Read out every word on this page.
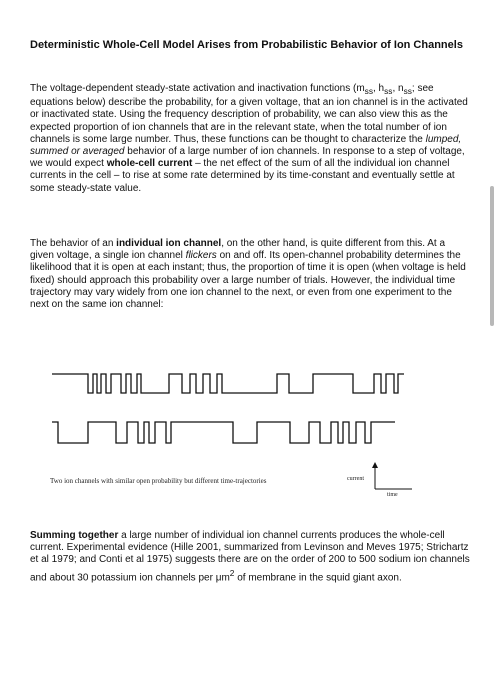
Deterministic Whole-Cell Model Arises from Probabilistic Behavior of Ion Channels

The voltage-dependent steady-state activation and inactivation functions ($m_{ss}$, $h_{ss}$, $n_{ss}$; see equations below) describe the probability, for a given voltage, that an ion channel is in the activated or inactivated state. Using the frequency description of probability, we can also view this as the expected proportion of ion channels that are in the relevant state, when the total number of ion channels is some large number. Thus, these functions can be thought to characterize the lumped, summed or averaged behavior of a large number of ion channels. In response to a step of voltage, we would expect whole-cell current – the net effect of the sum of all the individual ion channel currents in the cell – to rise at some rate determined by its time-constant and eventually settle at some steady-state value.

The behavior of an individual ion channel, on the other hand, is quite different from this. At a given voltage, a single ion channel flickers on and off. Its open-channel probability determines the likelihood that it is open at each instant; thus, the proportion of time it is open (when voltage is held fixed) should approach this probability over a large number of trials. However, the individual time trajectory may vary widely from one ion channel to the next, or even from one experiment to the next on the same ion channel:

Two ion channels with similar open probability but different time-trajectories	current
time

Summing together a large number of individual ion channel currents produces the whole-cell current. Experimental evidence (Hille 2001, summarized from Levinson and Meves 1975; Strichartz et al 1979; and Conti et al 1975) suggests there are on the order of 200 to 500 sodium ion channels and about 30 potassium ion channels per $\mu m^2$ of membrane in the squid giant axon.
